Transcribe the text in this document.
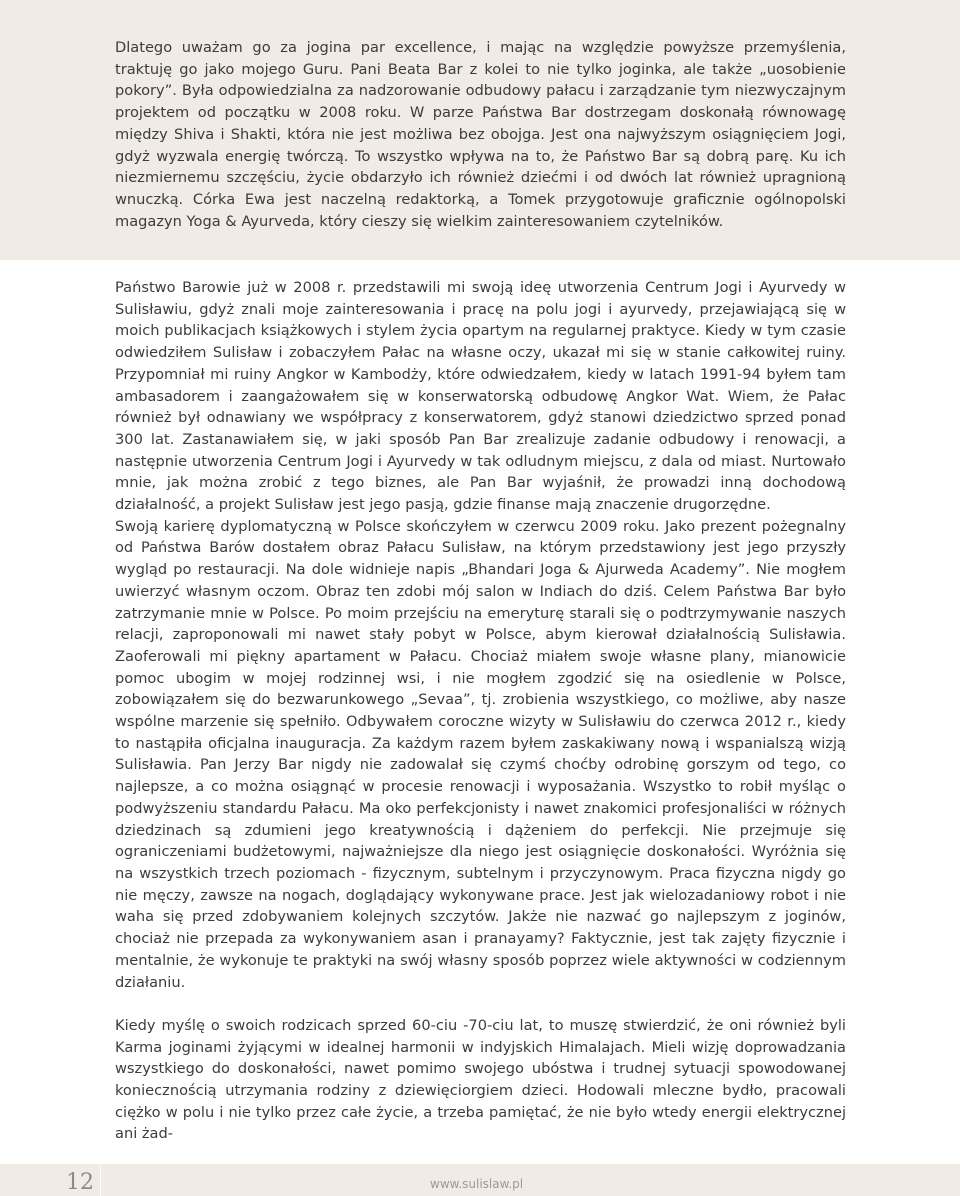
Dlatego uważam go za jogina par excellence, i mając na względzie powyższe przemyślenia, traktuję go jako mojego Guru. Pani Beata Bar z kolei to nie tylko joginka, ale także „uosobienie pokory”. Była odpowiedzialna za nadzorowanie odbudowy pałacu i zarządzanie tym niezwyczajnym projektem od początku w 2008 roku. W parze Państwa Bar dostrzegam doskonałą równowagę między Shiva i Shakti, która nie jest możliwa bez obojga. Jest ona najwyższym osiągnięciem Jogi, gdyż wyzwala energię twórczą. To wszystko wpływa na to, że Państwo Bar są dobrą parę. Ku ich niezmiernemu szczęściu, życie obdarzyło ich również dziećmi i od dwóch lat również upragnioną wnuczką. Córka Ewa jest naczelną redaktorką, a Tomek przygotowuje graficznie ogólnopolski magazyn Yoga & Ayurveda, który cieszy się wielkim zainteresowaniem czytelników.

Państwo Barowie już w 2008 r. przedstawili mi swoją ideę utworzenia Centrum Jogi i Ayurvedy w Sulisławiu, gdyż znali moje zainteresowania i pracę na polu jogi i ayurvedy, przejawiającą się w moich publikacjach książkowych i stylem życia opartym na regularnej praktyce. Kiedy w tym czasie odwiedziłem Sulisław i zobaczyłem Pałac na własne oczy, ukazał mi się w stanie całkowitej ruiny. Przypomniał mi ruiny Angkor w Kambodży, które odwiedzałem, kiedy w latach 1991-94 byłem tam ambasadorem i zaangażowałem się w konserwatorską odbudowę Angkor Wat. Wiem, że Pałac również był odnawiany we współpracy z konserwatorem, gdyż stanowi dziedzictwo sprzed ponad 300 lat. Zastanawiałem się, w jaki sposób Pan Bar zrealizuje zadanie odbudowy i renowacji, a następnie utworzenia Centrum Jogi i Ayurvedy w tak odludnym miejscu, z dala od miast. Nurtowało mnie, jak można zrobić z tego biznes, ale Pan Bar wyjaśnił, że prowadzi inną dochodową działalność, a projekt Sulisław jest jego pasją, gdzie finanse mają znaczenie drugorzędne.

Swoją karierę dyplomatyczną w Polsce skończyłem w czerwcu 2009 roku. Jako prezent pożegnalny od Państwa Barów dostałem obraz Pałacu Sulisław, na którym przedstawiony jest jego przyszły wygląd po restauracji. Na dole widnieje napis „Bhandari Joga & Ajurweda Academy”. Nie mogłem uwierzyć własnym oczom. Obraz ten zdobi mój salon w Indiach do dziś. Celem Państwa Bar było zatrzymanie mnie w Polsce. Po moim przejściu na emeryturę starali się o podtrzymywanie naszych relacji, zaproponowali mi nawet stały pobyt w Polsce, abym kierował działalnością Sulisławia. Zaoferowali mi piękny apartament w Pałacu. Chociaż miałem swoje własne plany, mianowicie pomoc ubogim w mojej rodzinnej wsi, i nie mogłem zgodzić się na osiedlenie w Polsce, zobowiązałem się do bezwarunkowego „Sevaa”, tj. zrobienia wszystkiego, co możliwe, aby nasze wspólne marzenie się spełniło. Odbywałem coroczne wizyty w Sulisławiu do czerwca 2012 r., kiedy to nastąpiła oficjalna inauguracja. Za każdym razem byłem zaskakiwany nową i wspanialszą wizją Sulisławia. Pan Jerzy Bar nigdy nie zadowalał się czymś choćby odrobinę gorszym od tego, co najlepsze, a co można osiągnąć w procesie renowacji i wyposażania. Wszystko to robił myśląc o podwyższeniu standardu Pałacu. Ma oko perfekcjonisty i nawet znakomici profesjonaliści w różnych dziedzinach są zdumieni jego kreatywnością i dążeniem do perfekcji. Nie przejmuje się ograniczeniami budżetowymi, najważniejsze dla niego jest osiągnięcie doskonałości. Wyróżnia się na wszystkich trzech poziomach - fizycznym, subtelnym i przyczynowym. Praca fizyczna nigdy go nie męczy, zawsze na nogach, doglądający wykonywane prace. Jest jak wielozadaniowy robot i nie waha się przed zdobywaniem kolejnych szczytów. Jakże nie nazwać go najlepszym z joginów, chociaż nie przepada za wykonywaniem asan i pranayamy? Faktycznie, jest tak zajęty fizycznie i mentalnie, że wykonuje te praktyki na swój własny sposób poprzez wiele aktywności w codziennym działaniu.

Kiedy myślę o swoich rodzicach sprzed 60-ciu -70-ciu lat, to muszę stwierdzić, że oni również byli Karma joginami żyjącymi w idealnej harmonii w indyjskich Himalajach. Mieli wizję doprowadzania wszystkiego do doskonałości, nawet pomimo swojego ubóstwa i trudnej sytuacji spowodowanej koniecznością utrzymania rodziny z dziewięciorgiem dzieci. Hodowali mleczne bydło, pracowali ciężko w polu i nie tylko przez całe życie, a trzeba pamiętać, że nie było wtedy energii elektrycznej ani żad-

12	www.sulislaw.pl
